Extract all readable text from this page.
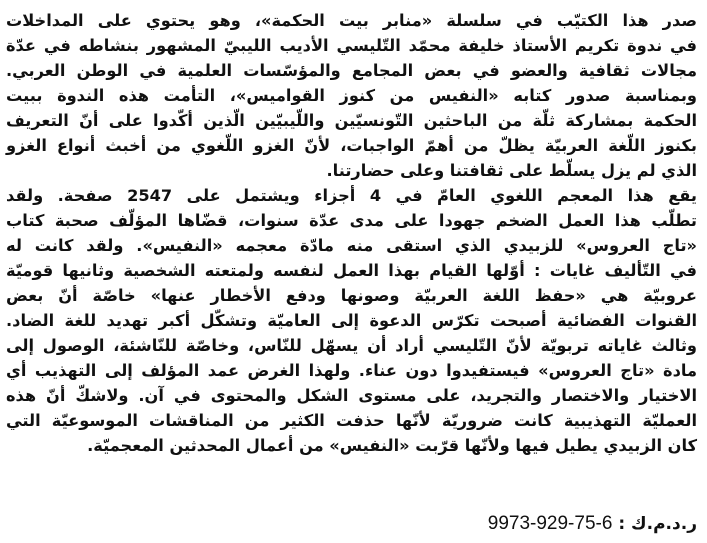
صدر هذا الكتيّب في سلسلة «منابر بيت الحكمة»، وهو يحتوي على المداخلات
في ندوة تكريم الأستاذ خليفة محمّد التّليسي الأديب الليبيّ المشهور بنشاطه في عدّة
مجالات ثقافية والعضو في بعض المجامع والمؤسّسات العلمية في الوطن العربي.
وبمناسبة صدور كتابه «النفيس من كنوز القواميس»، التأمت هذه الندوة ببيت
الحكمة بمشاركة ثلّة من الباحثين التّونسيّين واللّيبيّين الّذين أكّدوا على أنّ التعريف
بكنوز اللّغة العربيّة يظلّ من أهمّ الواجبات، لأنّ الغزو اللّغوي من أخبث أنواع الغزو
الذي لم يزل يسلّط على ثقافتنا وعلى حضارتنا.

يقع هذا المعجم اللغوي العامّ في 4 أجزاء ويشتمل على 2547 صفحة. ولقد
تطلّب هذا العمل الضخم جهودا على مدى عدّة سنوات، قضّاها المؤلّف صحبة كتاب
«تاج العروس» للزبيدي الذي استقى منه مادّة معجمه «النفيس». ولقد كانت له
في التّأليف غايات : أوّلها القيام بهذا العمل لنفسه ولمتعته الشخصية وثانيها قوميّة
عروبيّة هي «حفظ اللغة العربيّة وصونها ودفع الأخطار عنها» خاصّة أنّ بعض
القنوات الفضائية أصبحت تكرّس الدعوة إلى العاميّة وتشكّل أكبر تهديد للغة الضاد.
وثالث غاياته تربويّة لأنّ التّليسي أراد أن يسهّل للنّاس، وخاصّة للنّاشئة، الوصول إلى
مادة «تاج العروس» فيستفيدوا دون عناء. ولهذا الغرض عمد المؤلف إلى التهذيب أي
الاختيار والاختصار والتجريد، على مستوى الشكل والمحتوى في آن. ولاشكّ أنّ هذه
العمليّة التهذيبية كانت ضروريّة لأنّها حذفت الكثير من المناقشات الموسوعيّة التي
كان الزبيدي يطيل فيها ولأنّها قرّبت «النفيس» من أعمال المحدثين المعجميّة.

ر.د.م.ك : 9973-929-75-6
